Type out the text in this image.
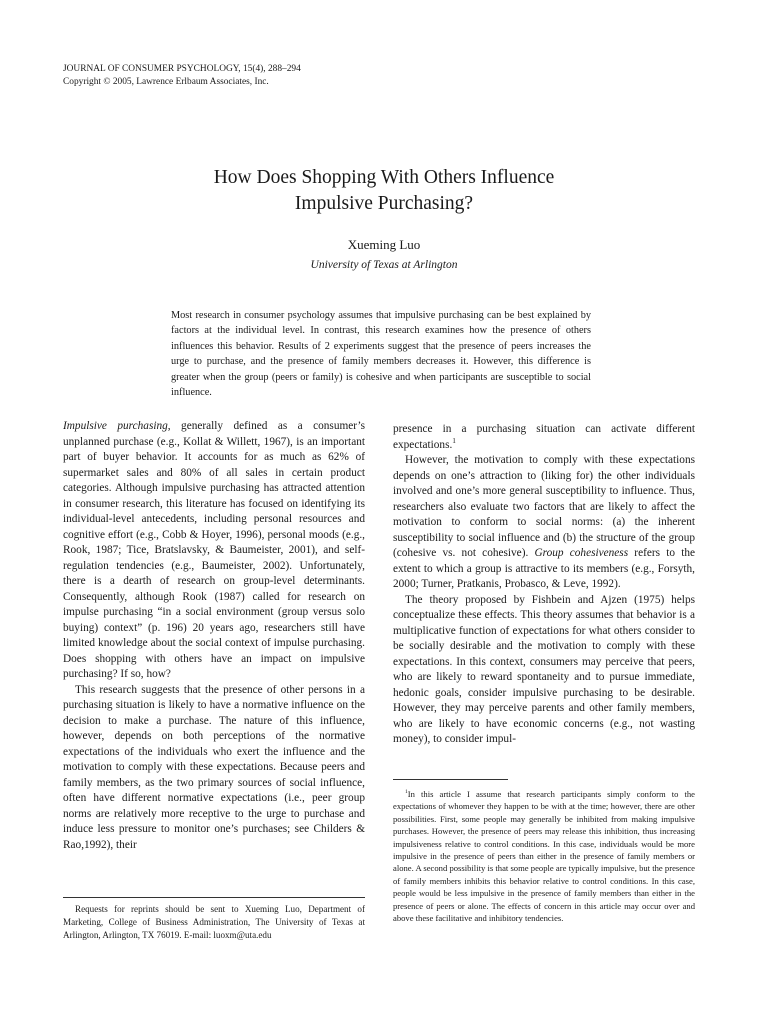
JOURNAL OF CONSUMER PSYCHOLOGY, 15(4), 288–294
Copyright © 2005, Lawrence Erlbaum Associates, Inc.
How Does Shopping With Others Influence
Impulsive Purchasing?
Xueming Luo
University of Texas at Arlington
Most research in consumer psychology assumes that impulsive purchasing can be best explained by factors at the individual level. In contrast, this research examines how the presence of others influences this behavior. Results of 2 experiments suggest that the presence of peers increases the urge to purchase, and the presence of family members decreases it. However, this difference is greater when the group (peers or family) is cohesive and when participants are susceptible to social influence.

Impulsive purchasing, generally defined as a consumer’s unplanned purchase (e.g., Kollat & Willett, 1967), is an important part of buyer behavior. It accounts for as much as 62% of supermarket sales and 80% of all sales in certain product categories. Although impulsive purchasing has attracted attention in consumer research, this literature has focused on identifying its individual-level antecedents, including personal resources and cognitive effort (e.g., Cobb & Hoyer, 1996), personal moods (e.g., Rook, 1987; Tice, Bratslavsky, & Baumeister, 2001), and self-regulation tendencies (e.g., Baumeister, 2002). Unfortunately, there is a dearth of research on group-level determinants. Consequently, although Rook (1987) called for research on impulse purchasing “in a social environment (group versus solo buying) context” (p. 196) 20 years ago, researchers still have limited knowledge about the social context of impulse purchasing. Does shopping with others have an impact on impulsive purchasing? If so, how?

This research suggests that the presence of other persons in a purchasing situation is likely to have a normative influence on the decision to make a purchase. The nature of this influence, however, depends on both perceptions of the normative expectations of the individuals who exert the influence and the motivation to comply with these expectations. Because peers and family members, as the two primary sources of social influence, often have different normative expectations (i.e., peer group norms are relatively more receptive to the urge to purchase and induce less pressure to monitor one’s purchases; see Childers & Rao,1992), their

presence in a purchasing situation can activate different expectations.$^1$

However, the motivation to comply with these expectations depends on one’s attraction to (liking for) the other individuals involved and one’s more general susceptibility to influence. Thus, researchers also evaluate two factors that are likely to affect the motivation to conform to social norms: (a) the inherent susceptibility to social influence and (b) the structure of the group (cohesive vs. not cohesive). Group cohesiveness refers to the extent to which a group is attractive to its members (e.g., Forsyth, 2000; Turner, Pratkanis, Probasco, & Leve, 1992).

The theory proposed by Fishbein and Ajzen (1975) helps conceptualize these effects. This theory assumes that behavior is a multiplicative function of expectations for what others consider to be socially desirable and the motivation to comply with these expectations. In this context, consumers may perceive that peers, who are likely to reward spontaneity and to pursue immediate, hedonic goals, consider impulsive purchasing to be desirable. However, they may perceive parents and other family members, who are likely to have economic concerns (e.g., not wasting money), to consider impul-

$^1$In this article I assume that research participants simply conform to the expectations of whomever they happen to be with at the time; however, there are other possibilities. First, some people may generally be inhibited from making impulsive purchases. However, the presence of peers may release this inhibition, thus increasing impulsiveness relative to control conditions. In this case, individuals would be more impulsive in the presence of peers than either in the presence of family members or alone. A second possibility is that some people are typically impulsive, but the presence of family members inhibits this behavior relative to control conditions. In this case, people would be less impulsive in the presence of family members than either in the presence of peers or alone. The effects of concern in this article may occur over and above these facilitative and inhibitory tendencies.

Requests for reprints should be sent to Xueming Luo, Department of Marketing, College of Business Administration, The University of Texas at Arlington, Arlington, TX 76019. E-mail: luoxm@uta.edu
